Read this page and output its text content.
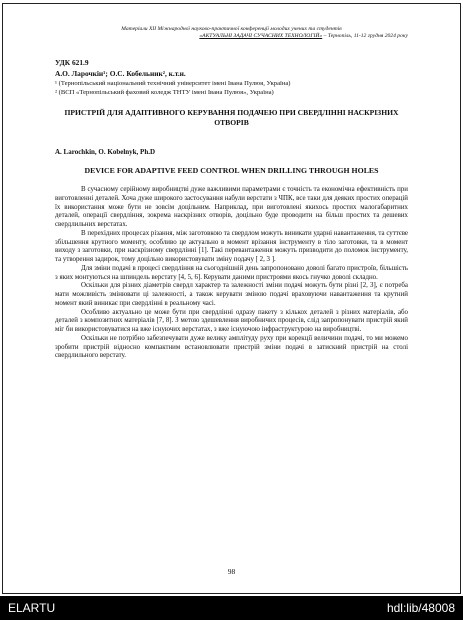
Матеріали ХІІ Міжнародної науково-практичної конференції молодих учених та студентів
«АКТУАЛЬНІ ЗАДАЧІ СУЧАСНИХ ТЕХНОЛОГІЙ» – Тернопіль, 11-12 грудня 2024 року
УДК 621.9
А.О. Ларочкін¹; О.С. Кобельник², к.т.н.
¹ (Тернопільський національний технічний університет імені Івана Пулюя, Україна)
² (ВСП «Тернопільський фаховий коледж ТНТУ імені Івана Пулюя», Україна)
ПРИСТРІЙ ДЛЯ АДАПТИВНОГО КЕРУВАННЯ ПОДАЧЕЮ ПРИ СВЕРДЛІННІ НАСКРІЗНИХ ОТВОРІВ
A. Larochkin, O. Kobelnyk, Ph.D
DEVICE FOR ADAPTIVE FEED CONTROL WHEN DRILLING THROUGH HOLES

В сучасному серійному виробництві дуже важливими параметрами є точність та економічна ефективність при виготовленні деталей. Хоча дуже широкого застосування набули верстати з ЧПК, все таки для деяких простих операцій їх використання може бути не зовсім доцільним. Наприклад, при виготовлені якихось простих малогабаритних деталей, операції свердління, зокрема наскрізних отворів, доцільно буде проводити на більш простих та дешевих свердлильних верстатах.

В перехідних процесах різання, між заготовкою та свердлом можуть виникати ударні навантаження, та суттєве збільшення крутного моменту, особливо це актуально в момент врізання інструменту в тіло заготовки, та в момент виходу з заготовки, при наскрізному свердлінні [1]. Такі перевантаження можуть призводити до поломок інструменту, та утворення задирок, тому доцільно використовувати зміну подачу [ 2, 3 ].

Для зміни подачі в процесі свердління на сьогоднішній день запропоновано доволі багато пристроїв, більшість з яких монтуються на шпиндель верстату [4, 5, 6]. Керувати даними пристроями якось гнучко доволі складно.

Оскільки для різних діаметрів свердл характер та залежності зміни подачі можуть бути різні [2, 3], є потреба мати можливість змінювати ці залежності, а також керувати зміною подачі враховуючи навантаження та крутний момент який виникає при свердлінні в реальному часі.

Особливо актуально це може бути при свердлінні одразу пакету з кількох деталей з різних матеріалів, або деталей з композитних матеріалів [7, 8]. З метою здешевлення виробничих процесів, слід запропонувати пристрій який міг би використовуватися на вже існуючих верстатах, з вже існуючою інфраструктурою на виробництві.

Оскільки не потрібно забезпечувати дуже велику амплітуду руху при корекції величини подачі, то ми можемо зробити пристрій відносно компактним встановлювати пристрій зміни подачі в затискний пристрій на столі свердлильного верстату.

98
ELARTU	hdl:lib/48008
